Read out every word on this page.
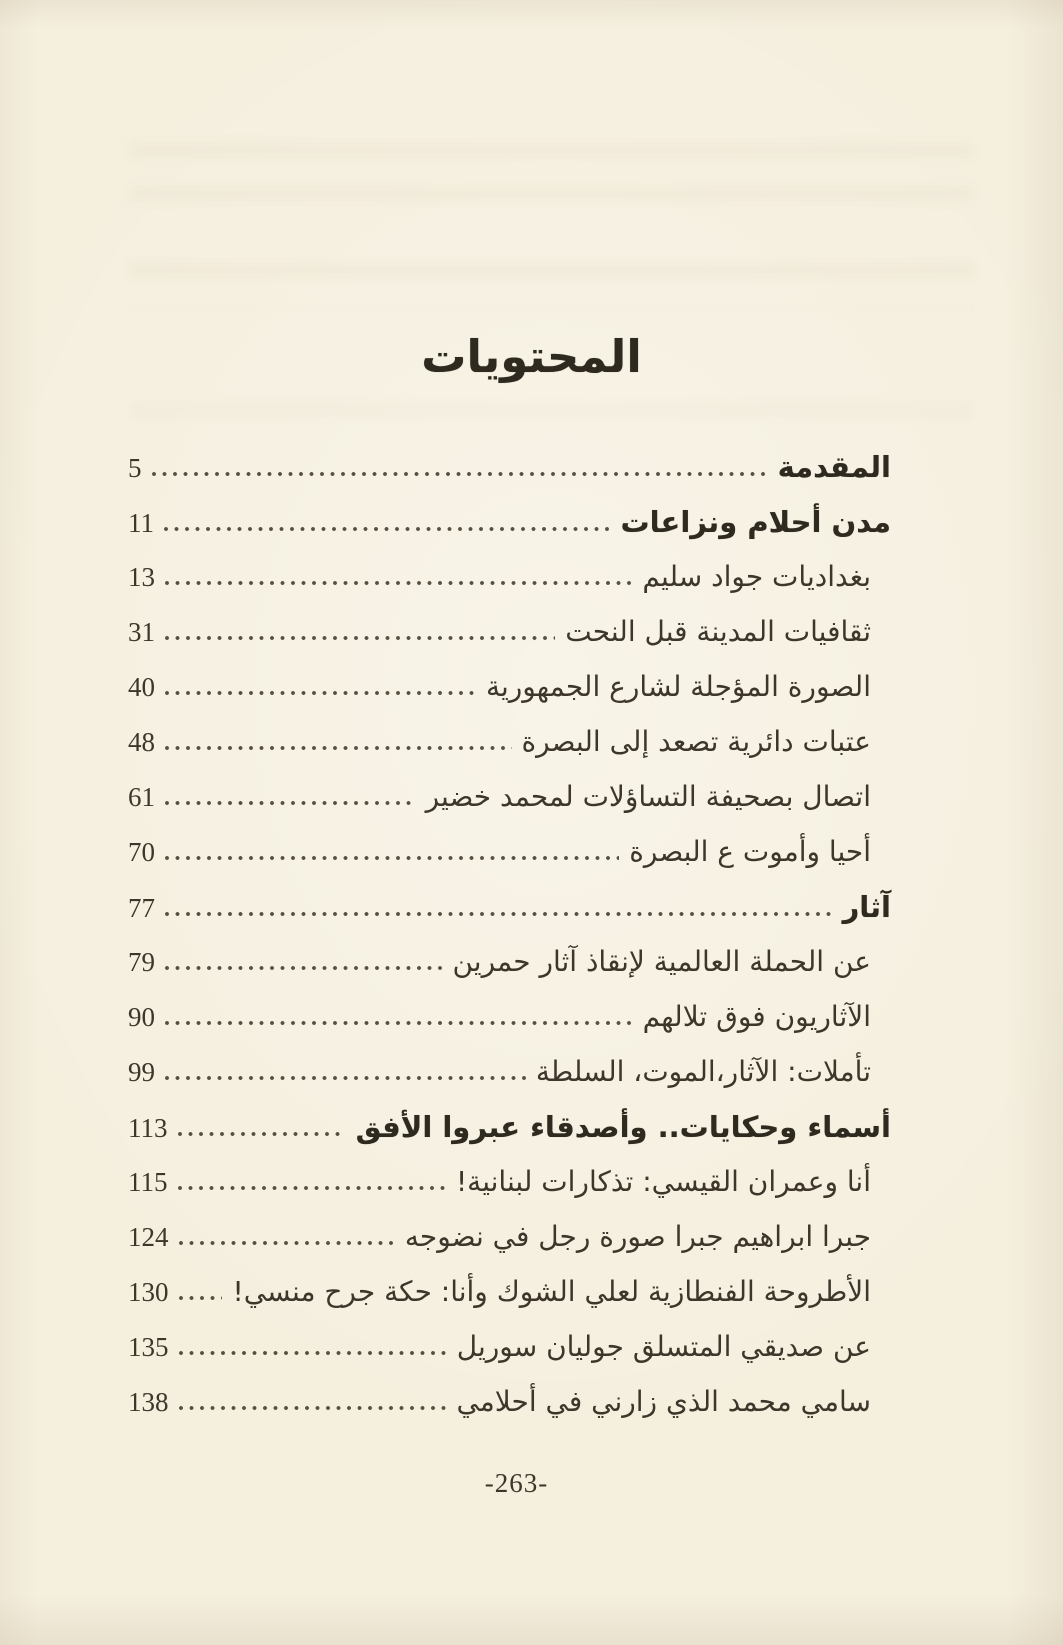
المحتويات
المقدمة
5
مدن أحلام ونزاعات
11
بغداديات جواد سليم
13
ثقافيات المدينة قبل النحت
31
الصورة المؤجلة لشارع الجمهورية
40
عتبات دائرية تصعد إلى البصرة
48
اتصال بصحيفة التساؤلات لمحمد خضير
61
أحيا وأموت ع البصرة
70
آثار
77
عن الحملة العالمية لإنقاذ آثار حمرين
79
الآثاريون فوق تلالهم
90
تأملات: الآثار،الموت، السلطة
99
أسماء وحكايات.. وأصدقاء عبروا الأفق
113
أنا وعمران القيسي: تذكارات لبنانية!
115
جبرا ابراهيم جبرا صورة رجل في نضوجه
124
الأطروحة الفنطازية لعلي الشوك وأنا: حكة جرح منسي!
130
عن صديقي المتسلق جوليان سوريل
135
سامي محمد الذي زارني في أحلامي
138
-263-
